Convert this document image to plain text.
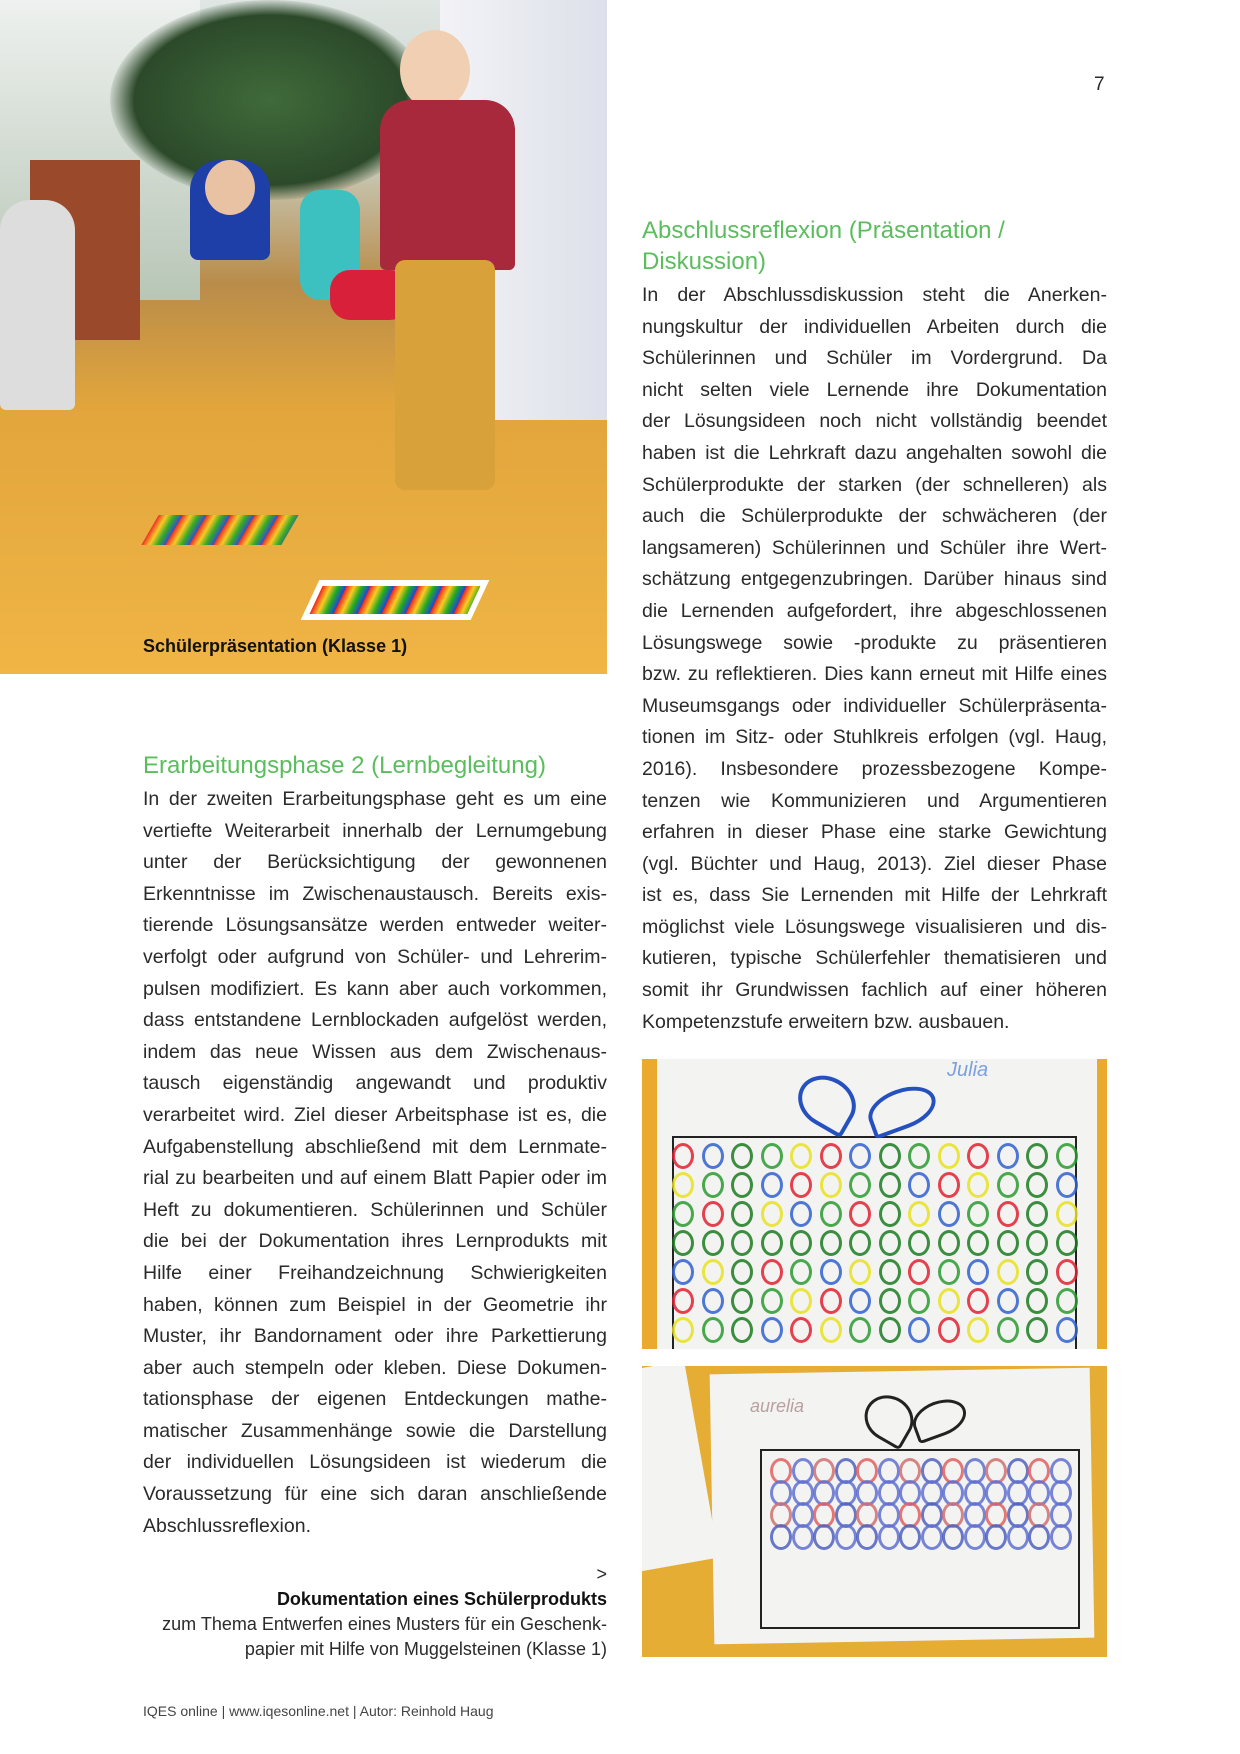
7
Schülerpräsentation (Klasse 1)
Erarbeitungsphase 2 (Lernbegleitung)
In der zweiten Erarbeitungsphase geht es um eine
vertiefte Weiterarbeit innerhalb der Lernumgebung
unter der Berücksichtigung der gewonnenen
Erkenntnisse im Zwischenaustausch. Bereits exis-
tierende Lösungsansätze werden entweder weiter-
verfolgt oder aufgrund von Schüler- und Lehrerim-
pulsen modifiziert. Es kann aber auch vorkommen,
dass entstandene Lernblockaden aufgelöst werden,
indem das neue Wissen aus dem Zwischenaus-
tausch eigenständig angewandt und produktiv
verarbeitet wird. Ziel dieser Arbeitsphase ist es, die
Aufgabenstellung abschließend mit dem Lernmate-
rial zu bearbeiten und auf einem Blatt Papier oder im
Heft zu dokumentieren. Schülerinnen und Schüler
die bei der Dokumentation ihres Lernprodukts mit
Hilfe einer Freihandzeichnung Schwierigkeiten
haben, können zum Beispiel in der Geometrie ihr
Muster, ihr Bandornament oder ihre Parkettierung
aber auch stempeln oder kleben. Diese Dokumen-
tationsphase der eigenen Entdeckungen mathe-
matischer Zusammenhänge sowie die Darstellung
der individuellen Lösungsideen ist wiederum die
Voraussetzung für eine sich daran anschließende
Abschlussreflexion.
>
Dokumentation eines Schülerprodukts
zum Thema Entwerfen eines Musters für ein Geschenk-
papier mit Hilfe von Muggelsteinen (Klasse 1)
Abschlussreflexion (Präsentation /
Diskussion)
In der Abschlussdiskussion steht die Anerken-
nungskultur der individuellen Arbeiten durch die
Schülerinnen und Schüler im Vordergrund. Da
nicht selten viele Lernende ihre Dokumentation
der Lösungsideen noch nicht vollständig beendet
haben ist die Lehrkraft dazu angehalten sowohl die
Schülerprodukte der starken (der schnelleren) als
auch die Schülerprodukte der schwächeren (der
langsameren) Schülerinnen und Schüler ihre Wert-
schätzung entgegenzubringen. Darüber hinaus sind
die Lernenden aufgefordert, ihre abgeschlossenen
Lösungswege sowie -produkte zu präsentieren
bzw. zu reflektieren. Dies kann erneut mit Hilfe eines
Museumsgangs oder individueller Schülerpräsenta-
tionen im Sitz- oder Stuhlkreis erfolgen (vgl. Haug,
2016). Insbesondere prozessbezogene Kompe-
tenzen wie Kommunizieren und Argumentieren
erfahren in dieser Phase eine starke Gewichtung
(vgl. Büchter und Haug, 2013). Ziel dieser Phase
ist es, dass Sie Lernenden mit Hilfe der Lehrkraft
möglichst viele Lösungswege visualisieren und dis-
kutieren, typische Schülerfehler thematisieren und
somit ihr Grundwissen fachlich auf einer höheren
Kompetenzstufe erweitern bzw. ausbauen.
Julia
aurelia
IQES online | www.iqesonline.net | Autor: Reinhold Haug
